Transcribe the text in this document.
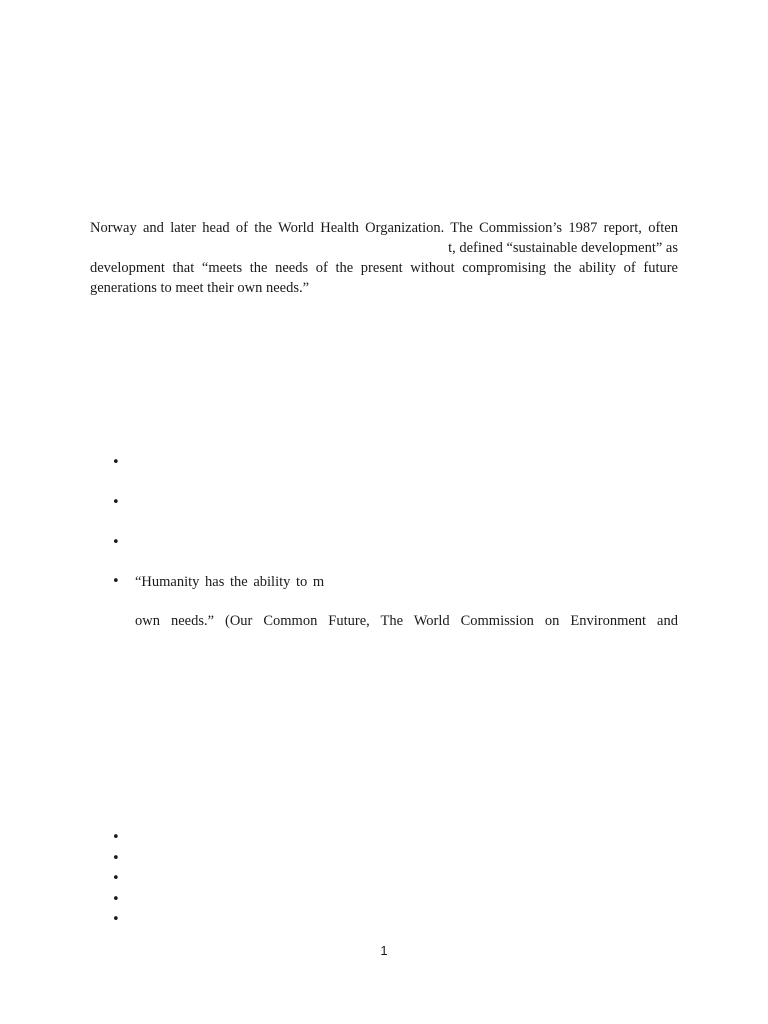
Norway and later head of the World Health Organization. The Commission’s 1987 report, often
t, defined “sustainable development” as
development that “meets the needs of the present without compromising the ability of future
generations to meet their own needs.”
•
•
•
•
“Humanity has the ability to m
own needs.” (Our Common Future, The World Commission on Environment and
•
•
•
•
•
1
